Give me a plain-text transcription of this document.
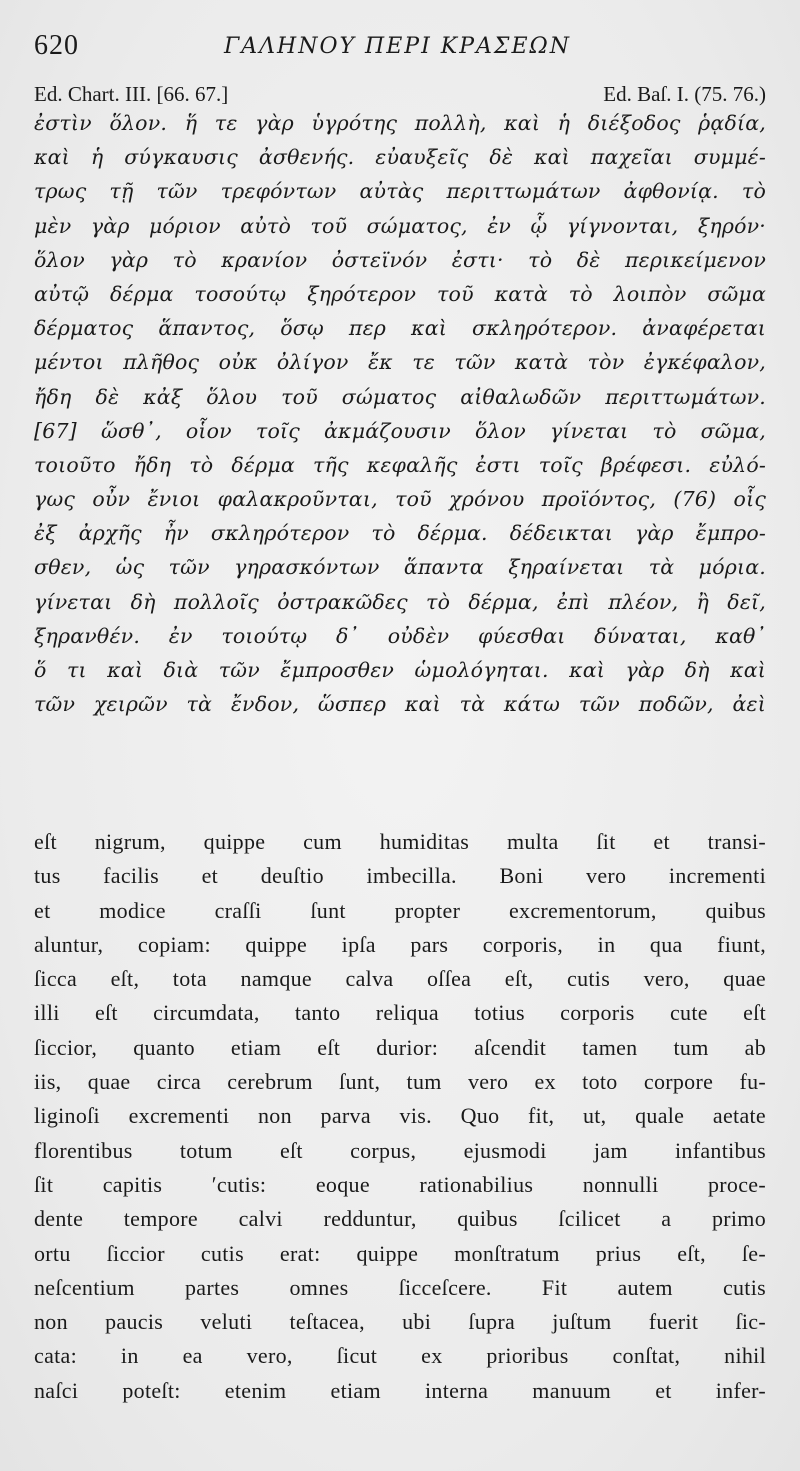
620	ΓΑΛΗΝΟΥ ΠΕΡΙ ΚΡΑΣΕΩΝ
Ed. Chart. III. [66. 67.]	Ed. Baſ. I. (75. 76.)
ἐστὶν ὅλον. ἥ τε γὰρ ὑγρότης πολλὴ, καὶ ἡ διέξοδος ῥᾳδία,
καὶ ἡ σύγκαυσις ἀσθενής. εὐαυξεῖς δὲ καὶ παχεῖαι συμμέ-
τρως τῇ τῶν τρεφόντων αὐτὰς περιττωμάτων ἀφθονίᾳ. τὸ
μὲν γὰρ μόριον αὐτὸ τοῦ σώματος, ἐν ᾧ γίγνονται, ξηρόν·
ὅλον γὰρ τὸ κρανίον ὀστεϊνόν ἐστι· τὸ δὲ περικείμενον
αὐτῷ δέρμα τοσούτῳ ξηρότερον τοῦ κατὰ τὸ λοιπὸν σῶμα
δέρματος ἅπαντος, ὅσῳ περ καὶ σκληρότερον. ἀναφέρεται
μέντοι πλῆθος οὐκ ὀλίγον ἔκ τε τῶν κατὰ τὸν ἐγκέφαλον,
ἤδη δὲ κἀξ ὅλου τοῦ σώματος αἰθαλωδῶν περιττωμάτων.
[67] ὥσθ᾽, οἷον τοῖς ἀκμάζουσιν ὅλον γίνεται τὸ σῶμα,
τοιοῦτο ἤδη τὸ δέρμα τῆς κεφαλῆς ἐστι τοῖς βρέφεσι. εὐλό-
γως οὖν ἔνιοι φαλακροῦνται, τοῦ χρόνου προϊόντος, (76) οἷς
ἐξ ἀρχῆς ἦν σκληρότερον τὸ δέρμα. δέδεικται γὰρ ἔμπρο-
σθεν, ὡς τῶν γηρασκόντων ἅπαντα ξηραίνεται τὰ μόρια.
γίνεται δὴ πολλοῖς ὀστρακῶδες τὸ δέρμα, ἐπὶ πλέον, ἢ δεῖ,
ξηρανθέν. ἐν τοιούτῳ δ᾽ οὐδὲν φύεσθαι δύναται, καθ᾽
ὅ τι καὶ διὰ τῶν ἔμπροσθεν ὡμολόγηται. καὶ γὰρ δὴ καὶ
τῶν χειρῶν τὰ ἔνδον, ὥσπερ καὶ τὰ κάτω τῶν ποδῶν, ἀεὶ
eſt nigrum, quippe cum humiditas multa ſit et transi-
tus facilis et deuſtio imbecilla. Boni vero incrementi
et modice craſſi ſunt propter excrementorum, quibus
aluntur, copiam: quippe ipſa pars corporis, in qua fiunt,
ſicca eſt, tota namque calva oſſea eſt, cutis vero, quae
illi eſt circumdata, tanto reliqua totius corporis cute eſt
ſiccior, quanto etiam eſt durior: aſcendit tamen tum ab
iis, quae circa cerebrum ſunt, tum vero ex toto corpore fu-
liginoſi excrementi non parva vis. Quo fit, ut, quale aetate
florentibus totum eſt corpus, ejusmodi jam infantibus
ſit capitis ʹcutis: eoque rationabilius nonnulli proce-
dente tempore calvi redduntur, quibus ſcilicet a primo
ortu ſiccior cutis erat: quippe monſtratum prius eſt, ſe-
neſcentium partes omnes ſiccеſcere. Fit autem cutis
non paucis veluti teſtacea, ubi ſupra juſtum fuerit ſic-
cata: in ea vero, ſicut ex prioribus conſtat, nihil
naſci poteſt: etenim etiam interna manuum et infer-
